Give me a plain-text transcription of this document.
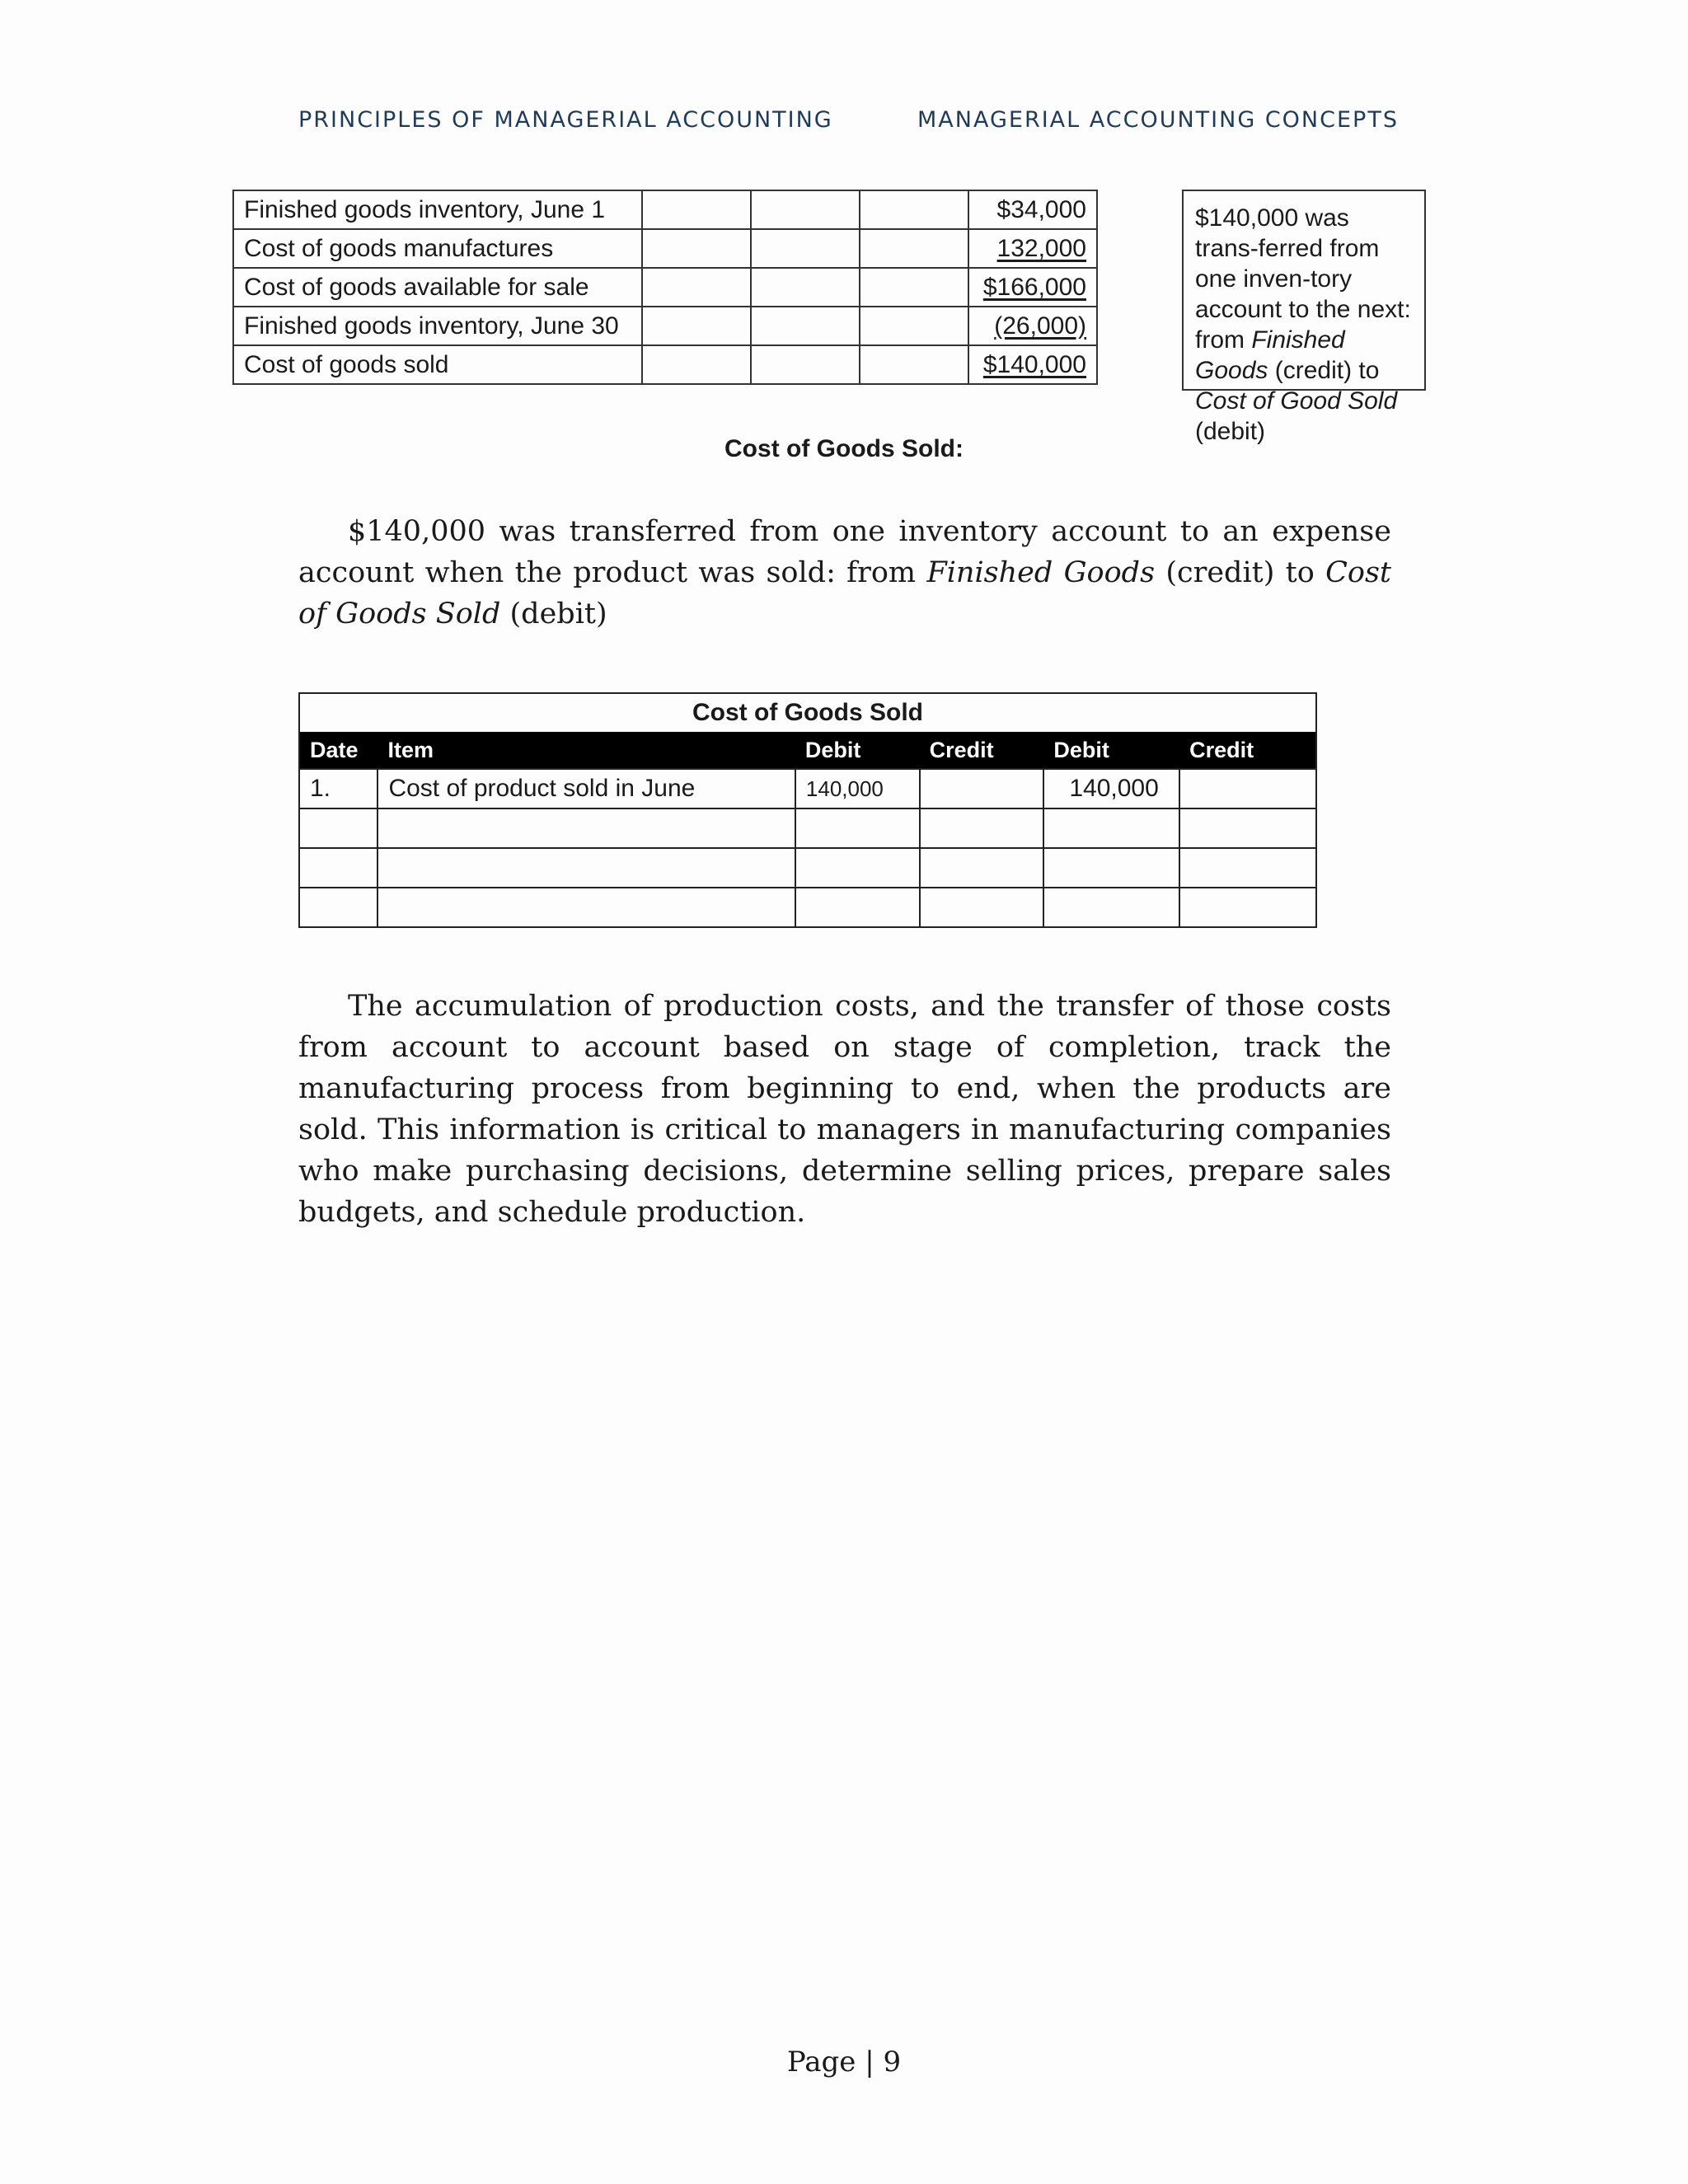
PRINCIPLES OF MANAGERIAL ACCOUNTING	MANAGERIAL ACCOUNTING CONCEPTS
Finished goods inventory, June 1				$34,000
Cost of goods manufactures				132,000
Cost of goods available for sale				$166,000
Finished goods inventory, June 30				(26,000)
Cost of goods sold				$140,000
$140,000 was trans-ferred from one inven-tory account to the next: from Finished Goods (credit) to Cost of Good Sold (debit)
Cost of Goods Sold:
$140,000 was transferred from one inventory account to an expense account when the product was sold: from Finished Goods (credit) to Cost of Goods Sold (debit)
Cost of Goods Sold
Date	Item	Debit	Credit	Debit	Credit
1.	Cost of product sold in June	140,000		140,000	

The accumulation of production costs, and the transfer of those costs from account to account based on stage of completion, track the manufacturing process from beginning to end, when the products are sold. This information is critical to managers in manufacturing companies who make purchasing decisions, determine selling prices, prepare sales budgets, and schedule production.
Page | 9
